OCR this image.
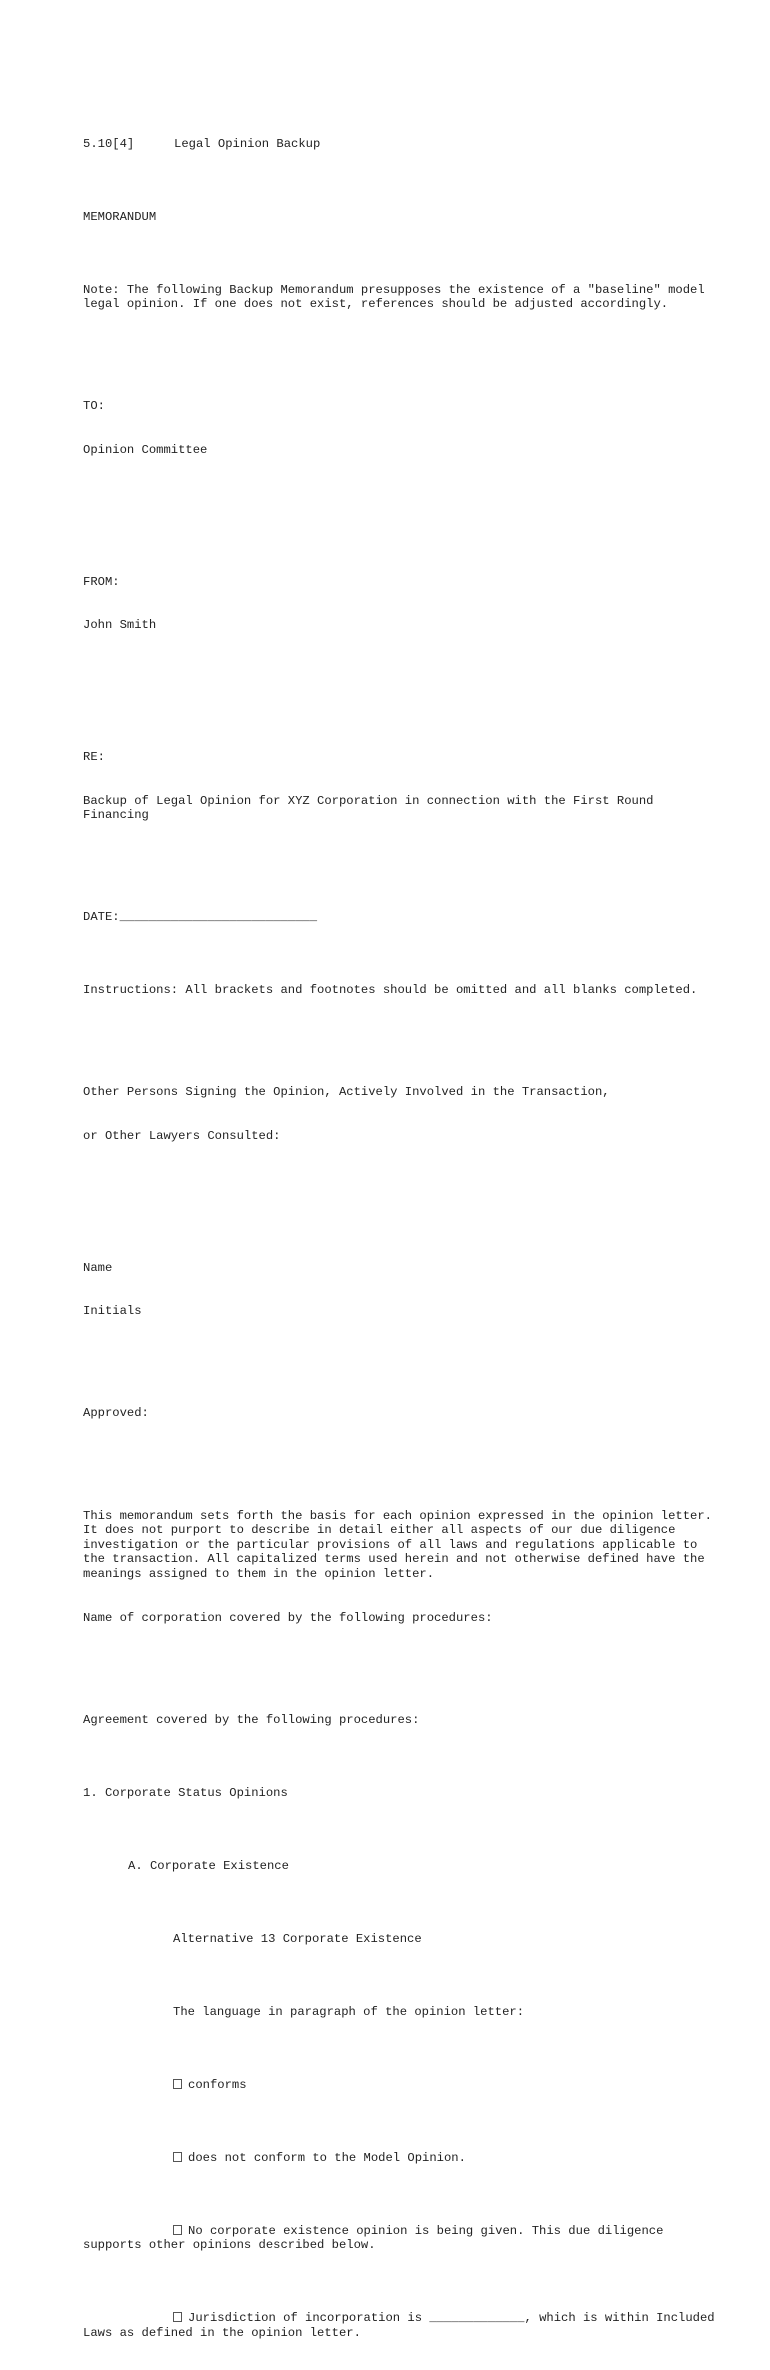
5.10[4]	Legal Opinion Backup

MEMORANDUM

Note: The following Backup Memorandum presupposes the existence of a "baseline" model legal opinion. If one does not exist, references should be adjusted accordingly.

TO:

Opinion Committee

FROM:

John Smith

RE:

Backup of Legal Opinion for XYZ Corporation in connection with the First Round Financing

DATE:___________________________

Instructions: All brackets and footnotes should be omitted and all blanks completed.

Other Persons Signing the Opinion, Actively Involved in the Transaction,

or Other Lawyers Consulted:

Name

Initials

Approved:

This memorandum sets forth the basis for each opinion expressed in the opinion letter. It does not purport to describe in detail either all aspects of our due diligence investigation or the particular provisions of all laws and regulations applicable to the transaction. All capitalized terms used herein and not otherwise defined have the meanings assigned to them in the opinion letter.

Name of corporation covered by the following procedures:

Agreement covered by the following procedures:

1. Corporate Status Opinions

A. Corporate Existence

Alternative 13 Corporate Existence

The language in paragraph of the opinion letter:

conforms

does not conform to the Model Opinion.

No corporate existence opinion is being given. This due diligence supports other opinions described below.

Jurisdiction of incorporation is _____________, which is within Included Laws as defined in the opinion letter.
